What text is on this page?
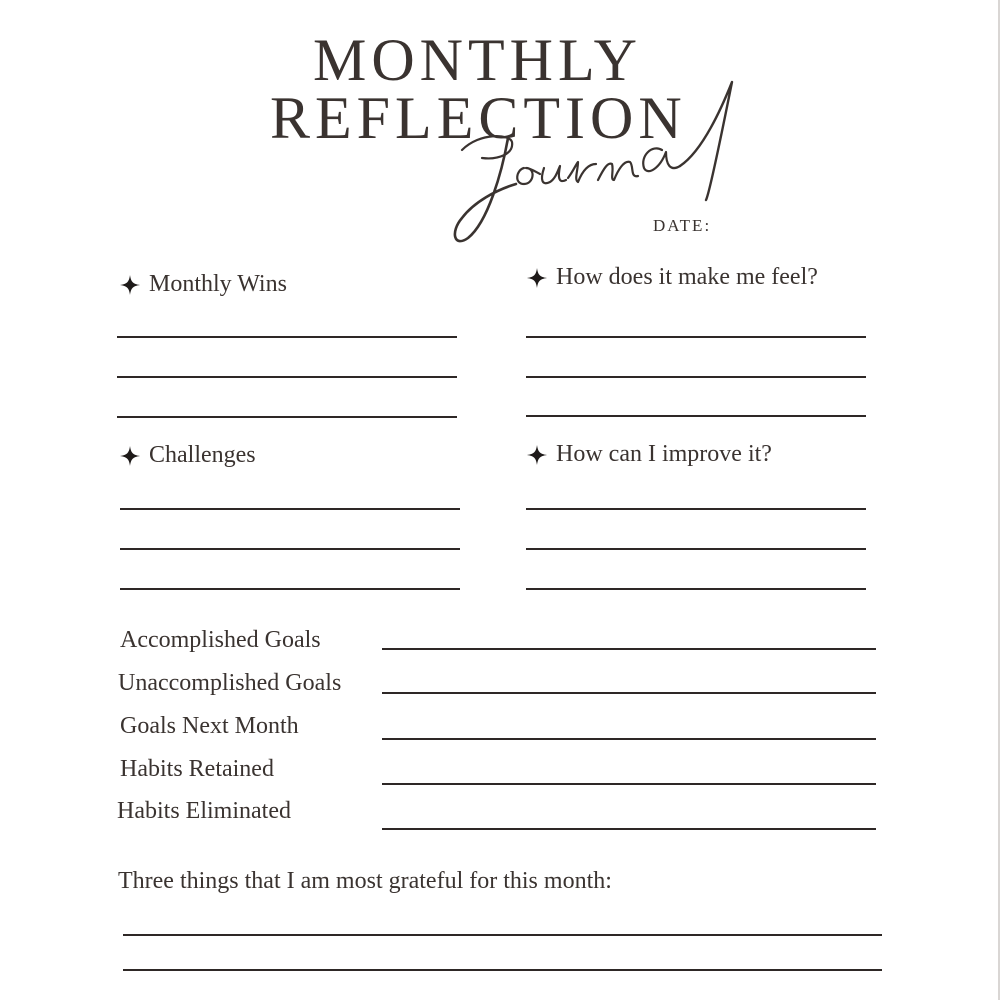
MONTHLY
REFLECTION
DATE:
Monthly Wins	How does it make me feel?
Challenges	How can I improve it?
Accomplished Goals
Unaccomplished Goals
Goals Next Month
Habits Retained
Habits Eliminated
Three things that I am most grateful for this month:
